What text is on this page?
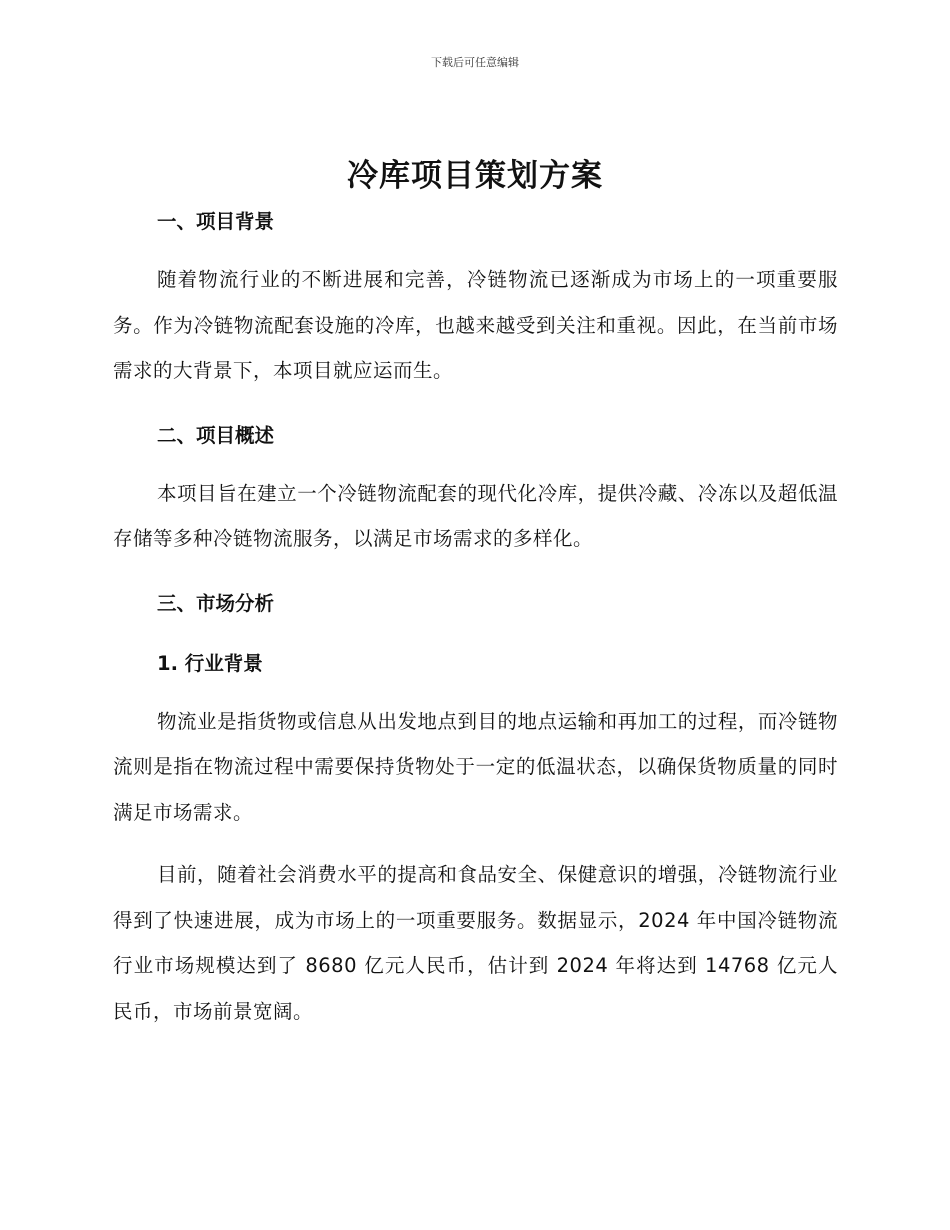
下载后可任意编辑
冷库项目策划方案
一、项目背景

随着物流行业的不断进展和完善，冷链物流已逐渐成为市场上的一项重要服务。作为冷链物流配套设施的冷库，也越来越受到关注和重视。因此，在当前市场需求的大背景下，本项目就应运而生。

二、项目概述

本项目旨在建立一个冷链物流配套的现代化冷库，提供冷藏、冷冻以及超低温存储等多种冷链物流服务，以满足市场需求的多样化。

三、市场分析
1. 行业背景

物流业是指货物或信息从出发地点到目的地点运输和再加工的过程，而冷链物流则是指在物流过程中需要保持货物处于一定的低温状态，以确保货物质量的同时满足市场需求。

目前，随着社会消费水平的提高和食品安全、保健意识的增强，冷链物流行业得到了快速进展，成为市场上的一项重要服务。数据显示，2024 年中国冷链物流行业市场规模达到了 8680 亿元人民币，估计到 2024 年将达到 14768 亿元人民币，市场前景宽阔。
